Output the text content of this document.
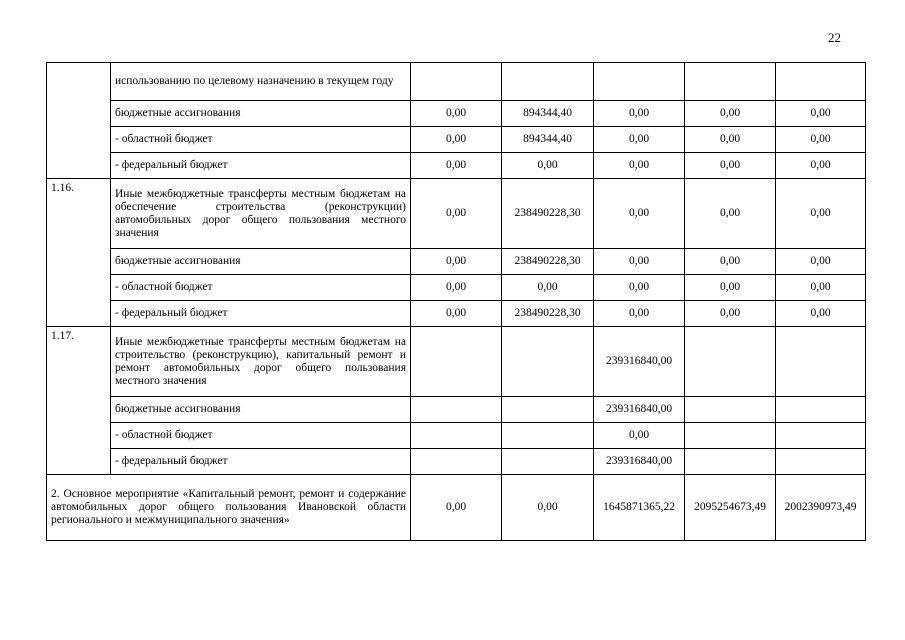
22
	использованию по целевому назначению в текущем году					
	бюджетные ассигнования	0,00	894344,40	0,00	0,00	0,00
	- областной бюджет	0,00	894344,40	0,00	0,00	0,00
	- федеральный бюджет	0,00	0,00	0,00	0,00	0,00
1.16.	Иные межбюджетные трансферты местным бюджетам на обеспечение строительства (реконструкции) автомобильных дорог общего пользования местного значения	0,00	238490228,30	0,00	0,00	0,00
	бюджетные ассигнования	0,00	238490228,30	0,00	0,00	0,00
	- областной бюджет	0,00	0,00	0,00	0,00	0,00
	- федеральный бюджет	0,00	238490228,30	0,00	0,00	0,00
1.17.	Иные межбюджетные трансферты местным бюджетам на строительство (реконструкцию), капитальный ремонт и ремонт автомобильных дорог общего пользования местного значения			239316840,00		
	бюджетные ассигнования			239316840,00		
	- областной бюджет			0,00		
	- федеральный бюджет			239316840,00		
2. Основное мероприятие «Капитальный ремонт, ремонт и содержание автомобильных дорог общего пользования Ивановской области регионального и межмуниципального значения»		0,00	0,00	1645871365,22	2095254673,49	2002390973,49
